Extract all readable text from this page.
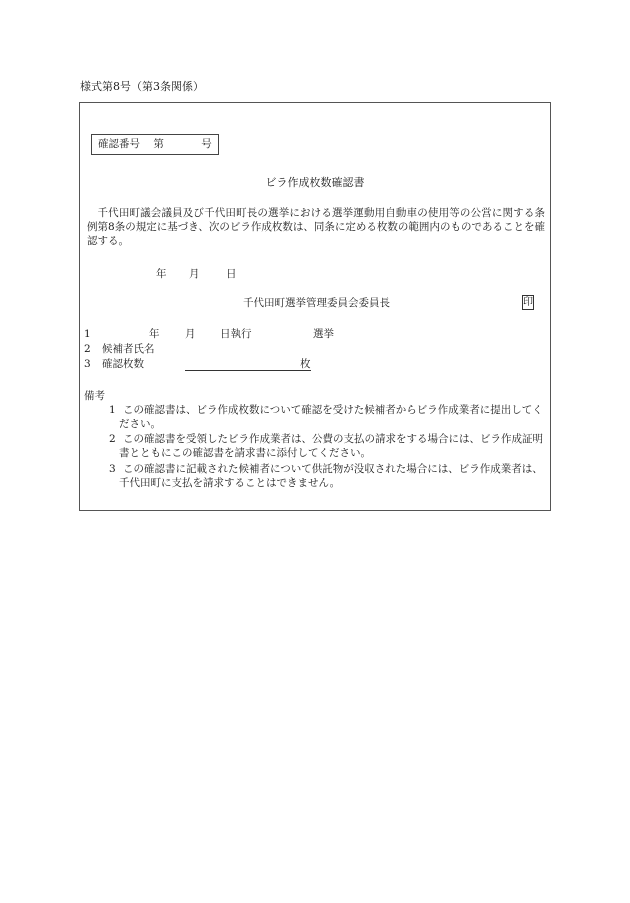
様式第8号（第3条関係）
確認番号 第	号
ビラ作成枚数確認書
千代田町議会議員及び千代田町長の選挙における選挙運動用自動車の使用等の公営に関する条例第8条の規定に基づき、次のビラ作成枚数は、同条に定める枚数の範囲内のものであることを確認する。
年 月	日
千代田町選挙管理委員会委員長	印
1	年 月 日執行	選挙
2 候補者氏名
3 確認枚数	枚
備考
1 この確認書は、ビラ作成枚数について確認を受けた候補者からビラ作成業者に提出してください。
2 この確認書を受領したビラ作成業者は、公費の支払の請求をする場合には、ビラ作成証明書とともにこの確認書を請求書に添付してください。
3 この確認書に記載された候補者について供託物が没収された場合には、ビラ作成業者は、千代田町に支払を請求することはできません。
